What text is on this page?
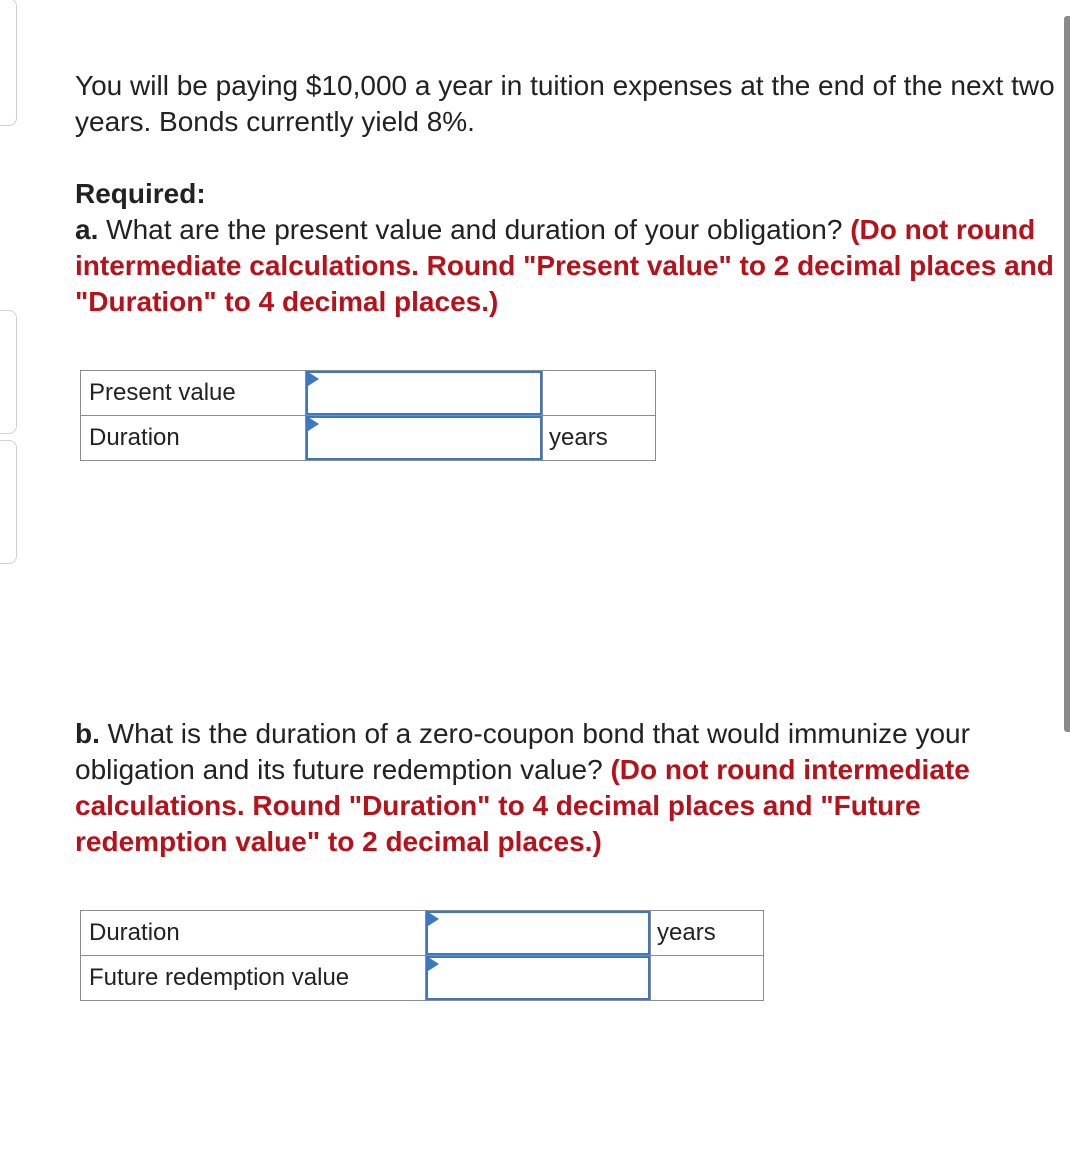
You will be paying $10,000 a year in tuition expenses at the end of the next two years. Bonds currently yield 8%.

Required:
a. What are the present value and duration of your obligation? (Do not round intermediate calculations. Round "Present value" to 2 decimal places and "Duration" to 4 decimal places.)

Present value	

Duration		years

b. What is the duration of a zero-coupon bond that would immunize your obligation and its future redemption value? (Do not round intermediate calculations. Round "Duration" to 4 decimal places and "Future redemption value" to 2 decimal places.)

Duration		years
Future redemption value	
